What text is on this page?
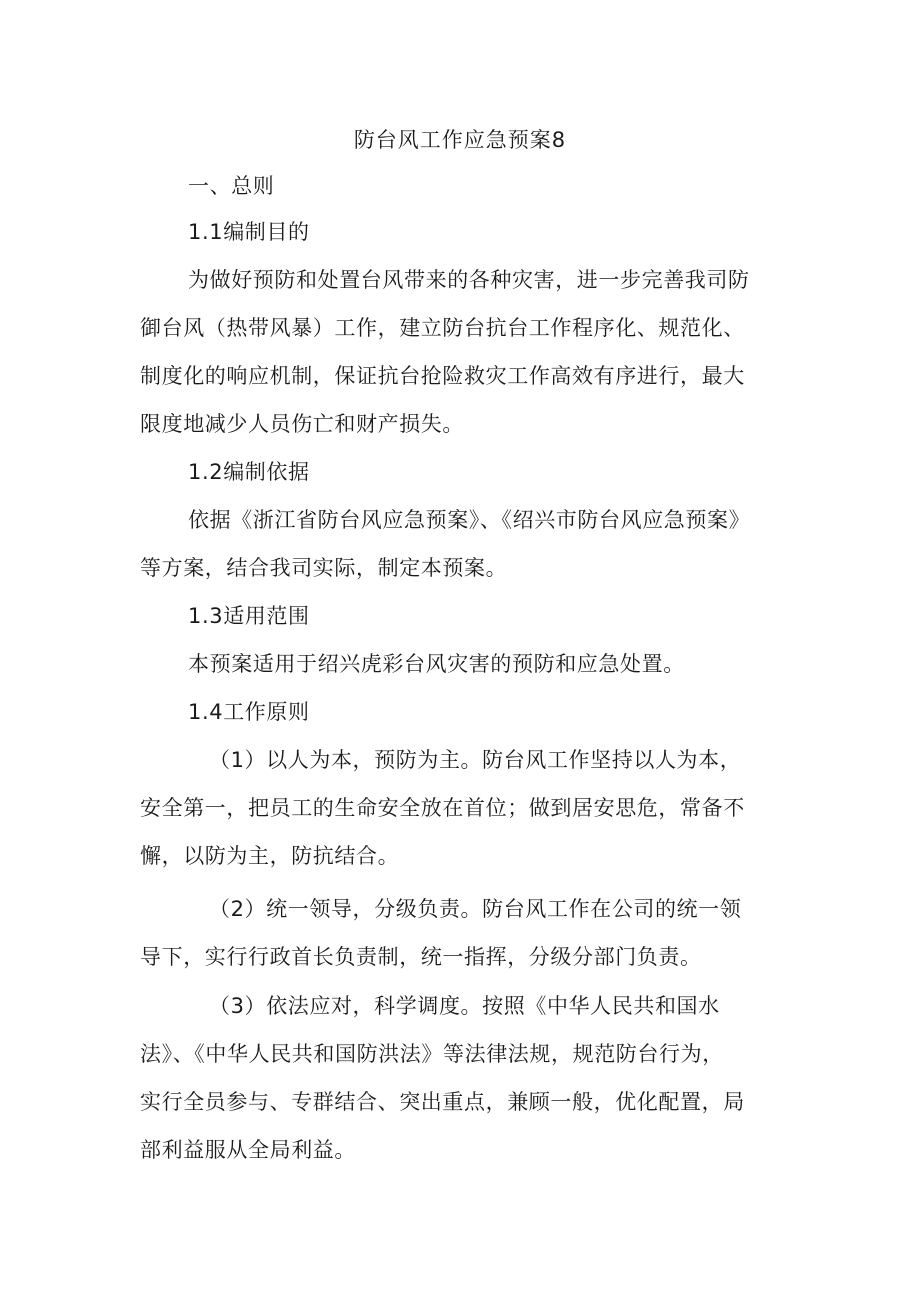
防台风工作应急预案8
一、总则
1.1编制目的
为做好预防和处置台风带来的各种灾害，进一步完善我司防
御台风（热带风暴）工作，建立防台抗台工作程序化、规范化、
制度化的响应机制，保证抗台抢险救灾工作高效有序进行，最大
限度地减少人员伤亡和财产损失。
1.2编制依据
依据《浙江省防台风应急预案》、《绍兴市防台风应急预案》
等方案，结合我司实际，制定本预案。
1.3适用范围
本预案适用于绍兴虎彩台风灾害的预防和应急处置。
1.4工作原则
（1）以人为本，预防为主。防台风工作坚持以人为本，
安全第一，把员工的生命安全放在首位；做到居安思危，常备不
懈，以防为主，防抗结合。
（2）统一领导，分级负责。防台风工作在公司的统一领
导下，实行行政首长负责制，统一指挥，分级分部门负责。
（3）依法应对，科学调度。按照《中华人民共和国水
法》、《中华人民共和国防洪法》等法律法规，规范防台行为，
实行全员参与、专群结合、突出重点，兼顾一般，优化配置，局
部利益服从全局利益。
